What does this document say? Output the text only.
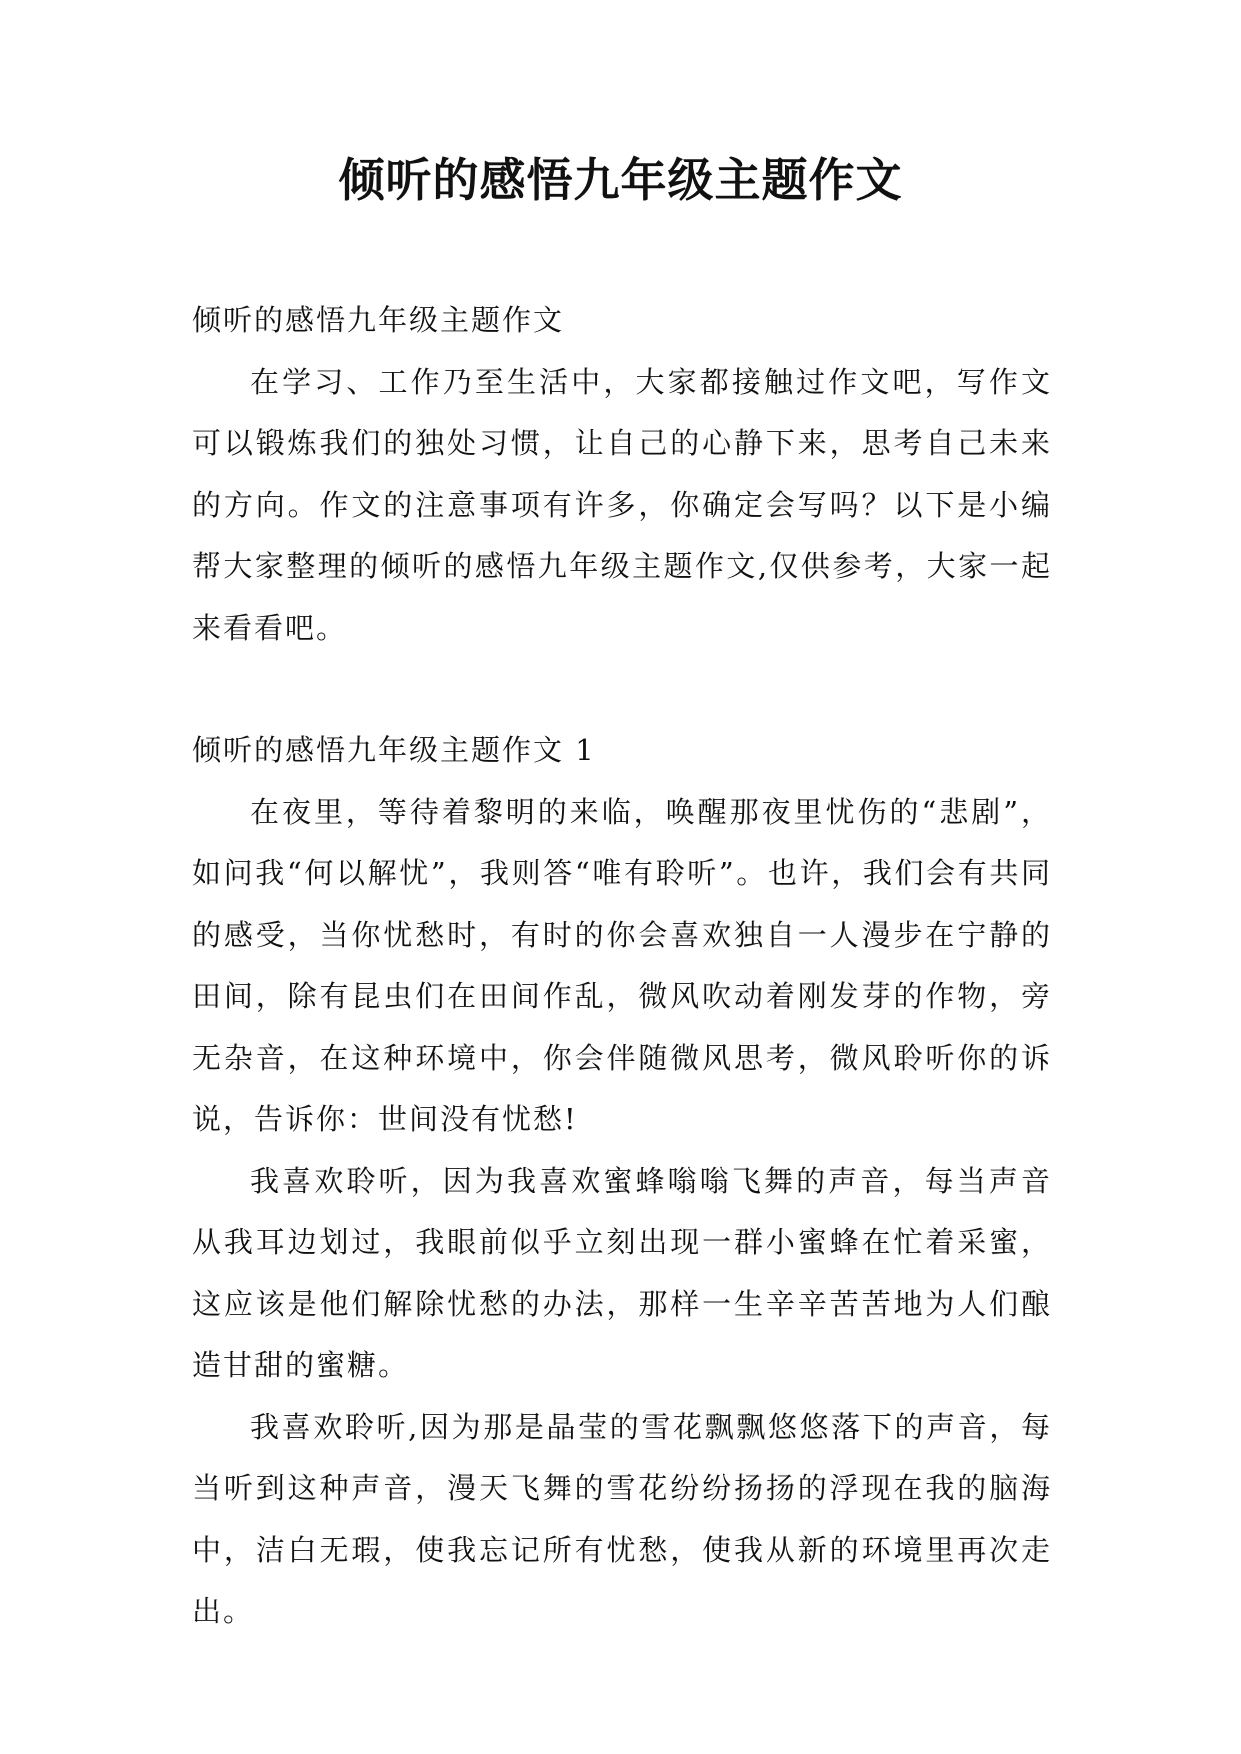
倾听的感悟九年级主题作文

倾听的感悟九年级主题作文

在学习、工作乃至生活中，大家都接触过作文吧，写作文可以锻炼我们的独处习惯，让自己的心静下来，思考自己未来的方向。作文的注意事项有许多，你确定会写吗？以下是小编帮大家整理的倾听的感悟九年级主题作文,仅供参考，大家一起来看看吧。

倾听的感悟九年级主题作文 1

在夜里，等待着黎明的来临，唤醒那夜里忧伤的“悲剧”，如问我“何以解忧”，我则答“唯有聆听”。也许，我们会有共同的感受，当你忧愁时，有时的你会喜欢独自一人漫步在宁静的田间，除有昆虫们在田间作乱，微风吹动着刚发芽的作物，旁无杂音，在这种环境中，你会伴随微风思考，微风聆听你的诉说，告诉你：世间没有忧愁!

我喜欢聆听，因为我喜欢蜜蜂嗡嗡飞舞的声音，每当声音从我耳边划过，我眼前似乎立刻出现一群小蜜蜂在忙着采蜜，这应该是他们解除忧愁的办法，那样一生辛辛苦苦地为人们酿造甘甜的蜜糖。

我喜欢聆听,因为那是晶莹的雪花飘飘悠悠落下的声音，每当听到这种声音，漫天飞舞的雪花纷纷扬扬的浮现在我的脑海中，洁白无瑕，使我忘记所有忧愁，使我从新的环境里再次走出。
